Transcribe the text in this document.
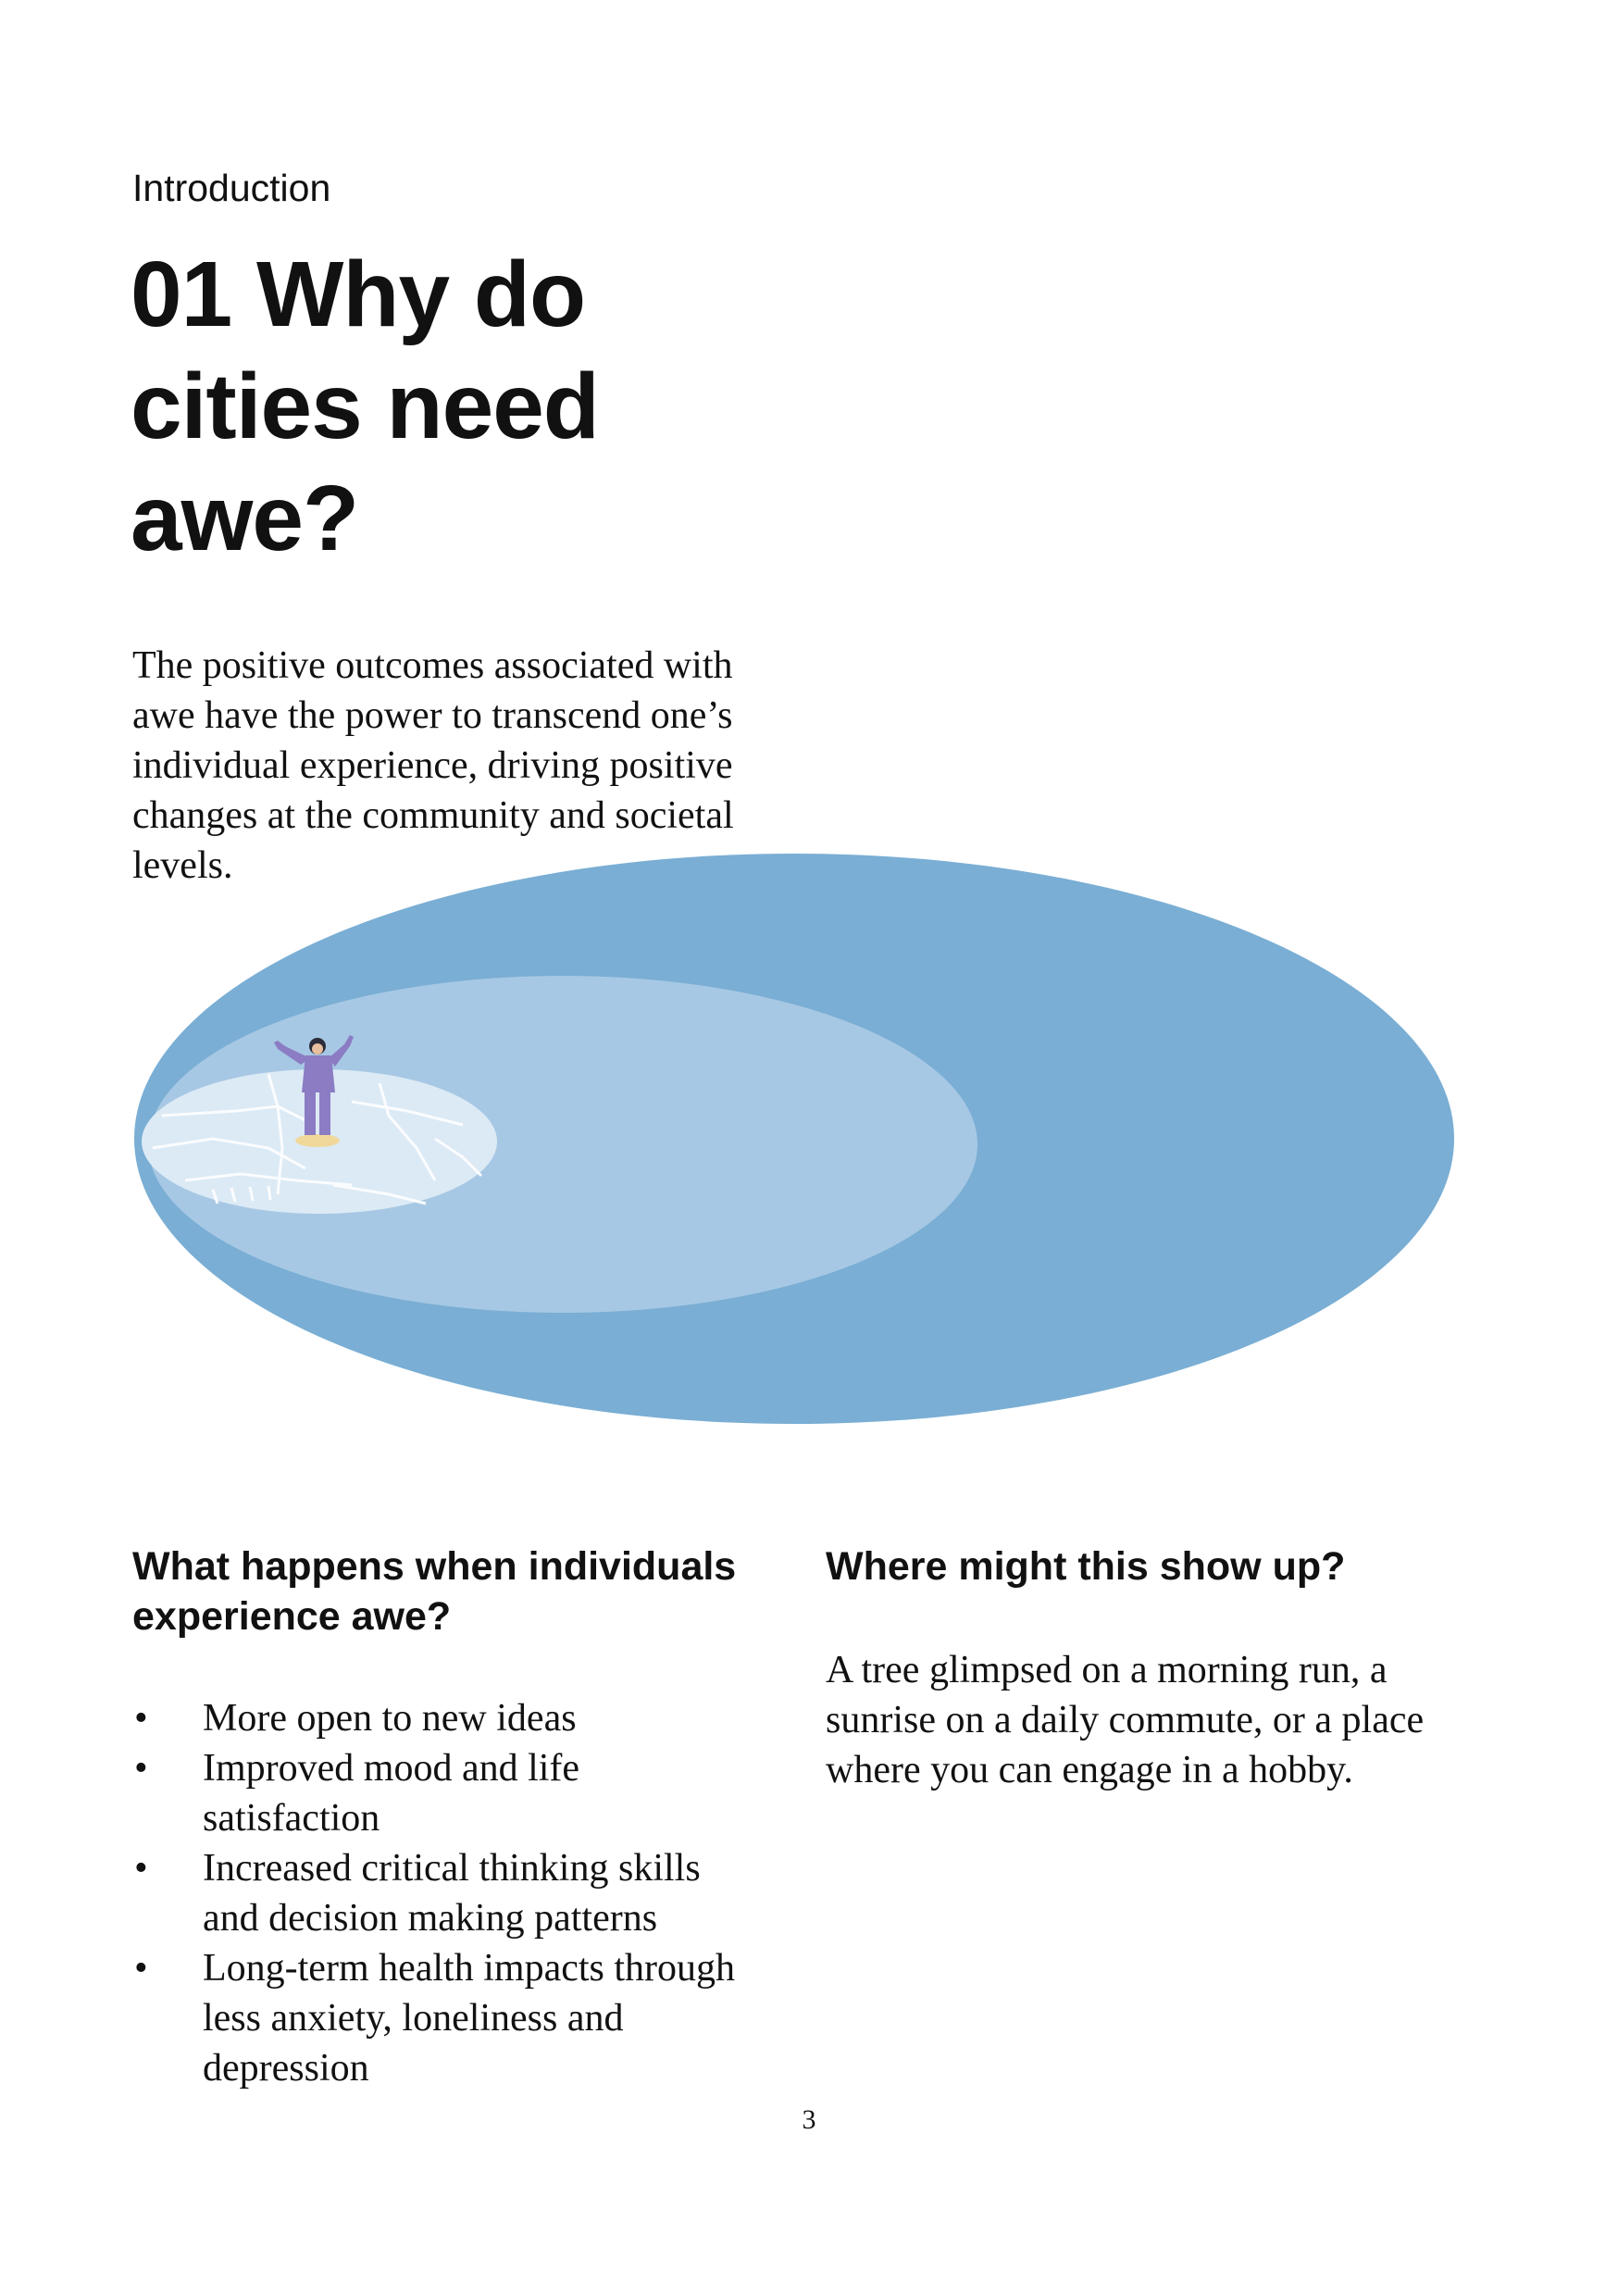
Introduction

01 Why do
cities need
awe?

The positive outcomes associated with
awe have the power to transcend one’s
individual experience, driving positive
changes at the community and societal
levels.

What happens when individuals
experience awe?
• More open to new ideas
• Improved mood and life
satisfaction
• Increased critical thinking skills
and decision making patterns
• Long-term health impacts through
less anxiety, loneliness and
depression
Where might this show up?

A tree glimpsed on a morning run, a
sunrise on a daily commute, or a place
where you can engage in a hobby.

3
